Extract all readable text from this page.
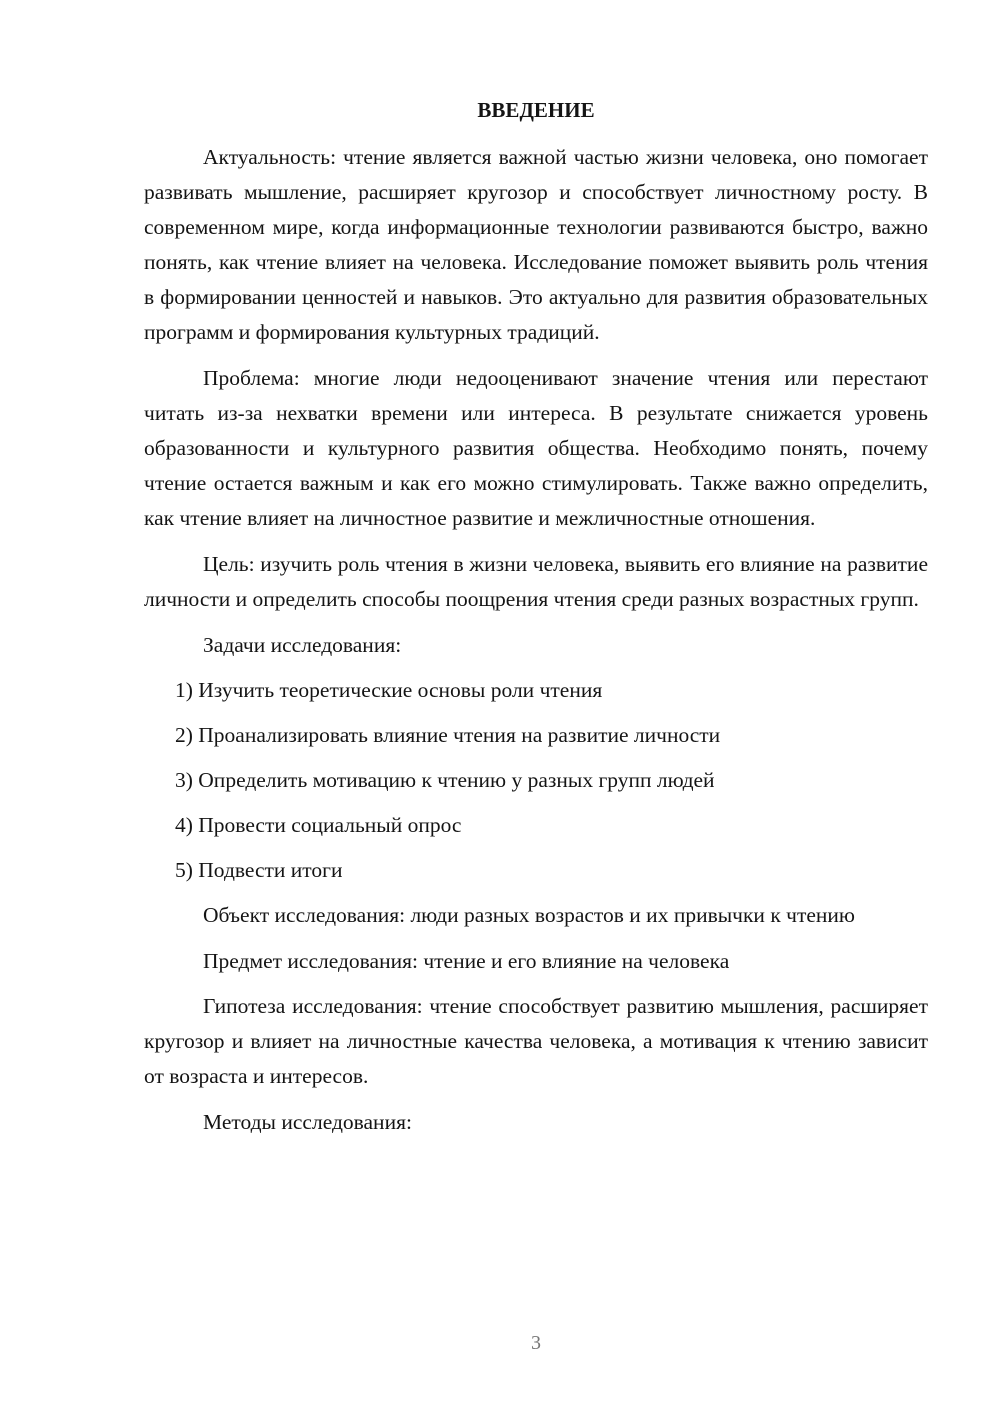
ВВЕДЕНИЕ

Актуальность: чтение является важной частью жизни человека, оно помогает развивать мышление, расширяет кругозор и способствует личностному росту. В современном мире, когда информационные технологии развиваются быстро, важно понять, как чтение влияет на человека. Исследование поможет выявить роль чтения в формировании ценностей и навыков. Это актуально для развития образовательных программ и формирования культурных традиций.

Проблема: многие люди недооценивают значение чтения или перестают читать из-за нехватки времени или интереса. В результате снижается уровень образованности и культурного развития общества. Необходимо понять, почему чтение остается важным и как его можно стимулировать. Также важно определить, как чтение влияет на личностное развитие и межличностные отношения.

Цель: изучить роль чтения в жизни человека, выявить его влияние на развитие личности и определить способы поощрения чтения среди разных возрастных групп.

Задачи исследования:

1) Изучить теоретические основы роли чтения
2) Проанализировать влияние чтения на развитие личности
3) Определить мотивацию к чтению у разных групп людей
4) Провести социальный опрос
5) Подвести итоги

Объект исследования: люди разных возрастов и их привычки к чтению

Предмет исследования: чтение и его влияние на человека

Гипотеза исследования: чтение способствует развитию мышления, расширяет кругозор и влияет на личностные качества человека, а мотивация к чтению зависит от возраста и интересов.

Методы исследования:

3
